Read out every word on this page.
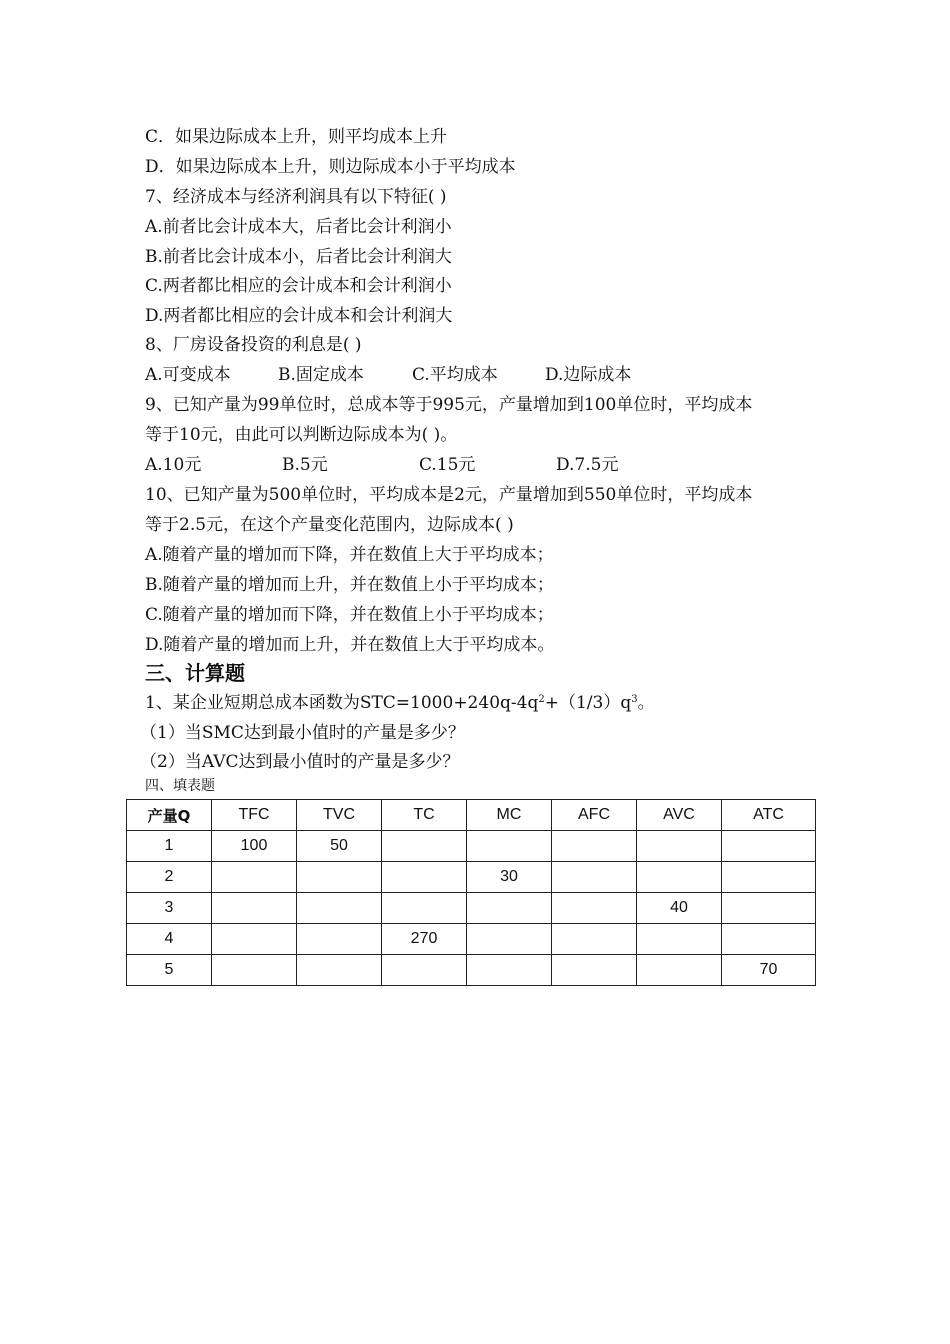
C．如果边际成本上升，则平均成本上升
D．如果边际成本上升，则边际成本小于平均成本
7、经济成本与经济利润具有以下特征( )
A.前者比会计成本大，后者比会计利润小
B.前者比会计成本小，后者比会计利润大
C.两者都比相应的会计成本和会计利润小
D.两者都比相应的会计成本和会计利润大
8、厂房设备投资的利息是( )
A.可变成本	B.固定成本	C.平均成本	D.边际成本
9、已知产量为99单位时，总成本等于995元，产量增加到100单位时，平均成本
等于10元，由此可以判断边际成本为( )。
A.10元	B.5元	C.15元	D.7.5元
10、已知产量为500单位时，平均成本是2元，产量增加到550单位时，平均成本
等于2.5元，在这个产量变化范围内，边际成本( )
A.随着产量的增加而下降，并在数值上大于平均成本；
B.随着产量的增加而上升，并在数值上小于平均成本；
C.随着产量的增加而下降，并在数值上小于平均成本；
D.随着产量的增加而上升，并在数值上大于平均成本。
三、计算题
1、某企业短期总成本函数为$STC=1000+240q-4q^2+(1/3)q^3$。
（1）当SMC达到最小值时的产量是多少？
（2）当AVC达到最小值时的产量是多少？
四、填表题
产量Q	TFC	TVC	TC	MC	AFC	AVC	ATC
1	100	50					
2				30			
3						40	
4			270				
5							70
